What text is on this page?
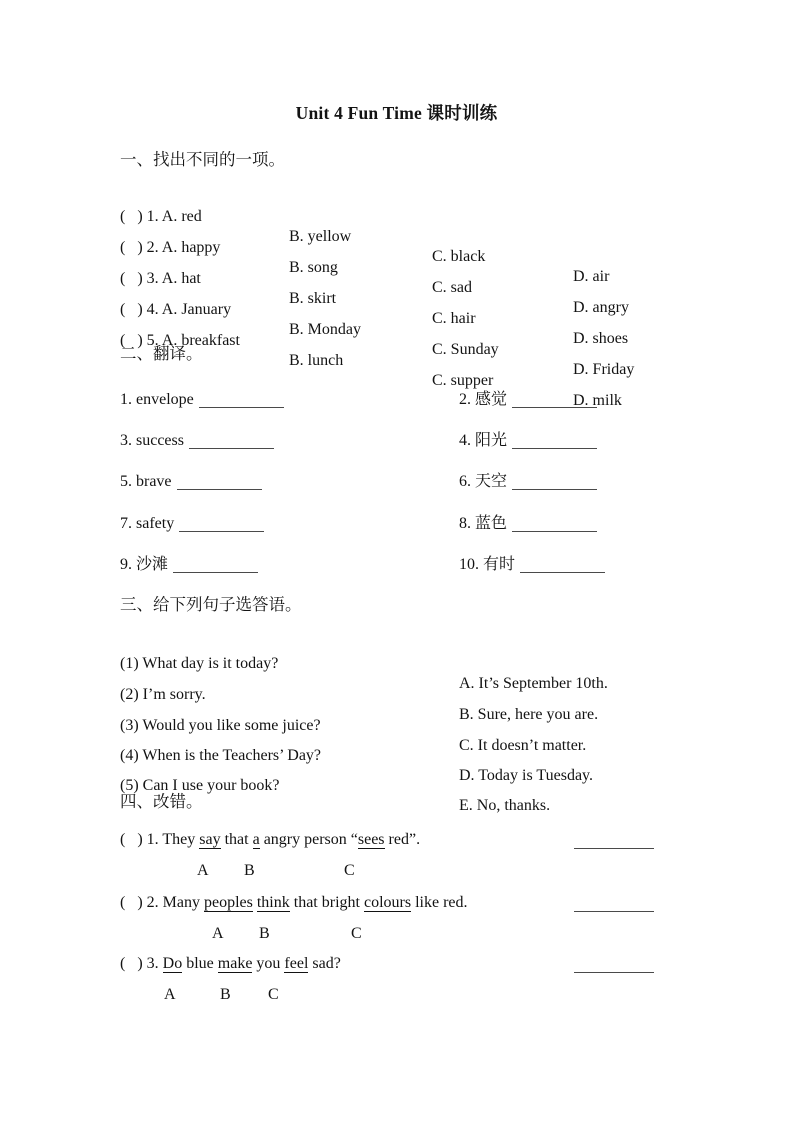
Unit 4 Fun Time 课时训练
一、找出不同的一项。

(   ) 1. A. red

B. yellow

C. black

D. air

(   ) 2. A. happy

B. song

C. sad

D. angry

(   ) 3. A. hat

B. skirt

C. hair

D. shoes

(   ) 4. A. January

B. Monday

C. Sunday

D. Friday

(   ) 5. A. breakfast

B. lunch

C. supper

D. milk

二、翻译。
1. envelope	2. 感觉
3. success	4. 阳光
5. brave	6. 天空
7. safety	8. 蓝色
9. 沙滩	10. 有时
三、给下列句子选答语。

(1) What day is it today?

A. It’s September 10th.

(2) I’m sorry.

B. Sure, here you are.

(3) Would you like some juice?

C. It doesn’t matter.

(4) When is the Teachers’ Day?

D. Today is Tuesday.

(5) Can I use your book?

E. No, thanks.

四、改错。
(   ) 1. They say that a angry person “sees red”.

A

B

	C

(   ) 2. Many peoples think that bright colours like red.

A

B

	C

(   ) 3. Do blue make you feel sad?

A

	B

C
